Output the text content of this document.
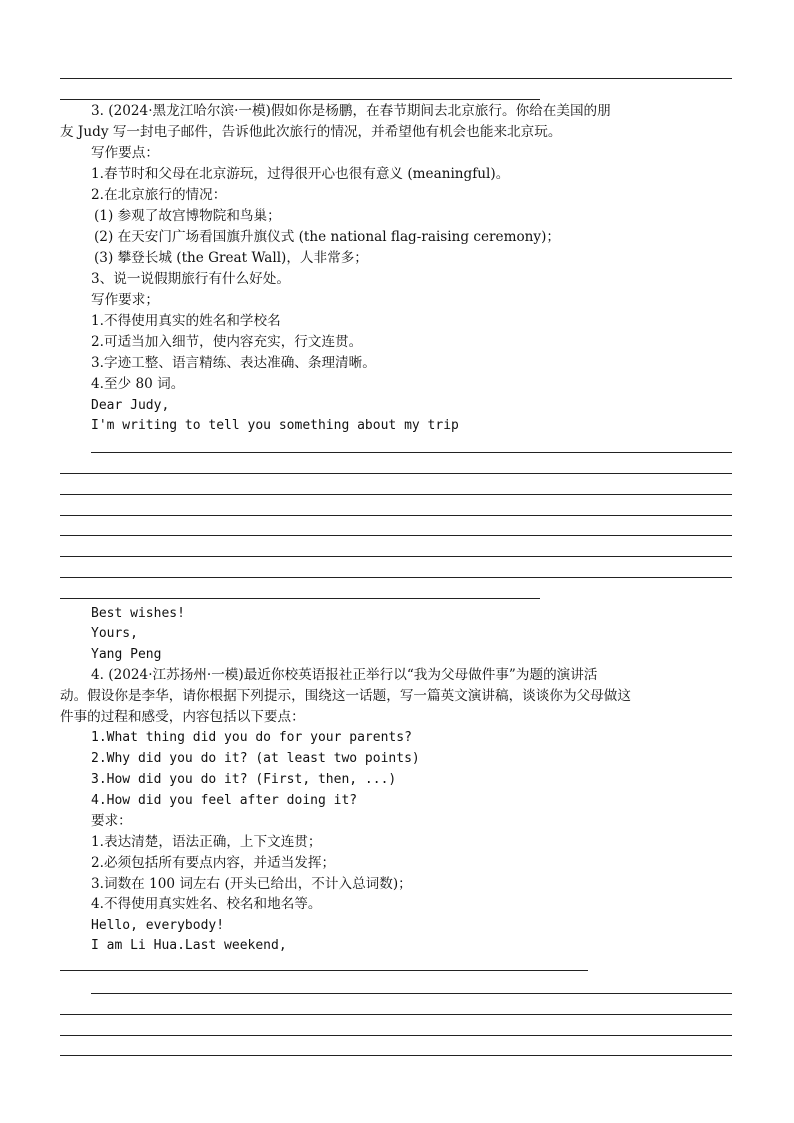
3. (2024·黑龙江哈尔滨·一模)假如你是杨鹏，在春节期间去北京旅行。你给在美国的朋
友 Judy 写一封电子邮件，告诉他此次旅行的情况，并希望他有机会也能来北京玩。
写作要点：
1.春节时和父母在北京游玩，过得很开心也很有意义 (meaningful)。
2.在北京旅行的情况：
(1) 参观了故宫博物院和鸟巢；
(2) 在天安门广场看国旗升旗仪式 (the national flag-raising ceremony)；
(3) 攀登长城 (the Great Wall)，人非常多；
3、说一说假期旅行有什么好处。
写作要求；
1.不得使用真实的姓名和学校名
2.可适当加入细节，使内容充实，行文连贯。
3.字迹工整、语言精练、表达准确、条理清晰。
4.至少 80 词。
Dear Judy,
I'm writing to tell you something about my trip
Best wishes!
Yours,
Yang Peng
4. (2024·江苏扬州·一模)最近你校英语报社正举行以“我为父母做件事”为题的演讲活
动。假设你是李华，请你根据下列提示，围绕这一话题，写一篇英文演讲稿，谈谈你为父母做这
件事的过程和感受，内容包括以下要点：
1.What thing did you do for your parents?
2.Why did you do it? (at least two points)
3.How did you do it? (First, then, ...)
4.How did you feel after doing it?
要求：
1.表达清楚，语法正确，上下文连贯；
2.必须包括所有要点内容，并适当发挥；
3.词数在 100 词左右 (开头已给出，不计入总词数)；
4.不得使用真实姓名、校名和地名等。
Hello, everybody!
I am Li Hua.Last weekend,
